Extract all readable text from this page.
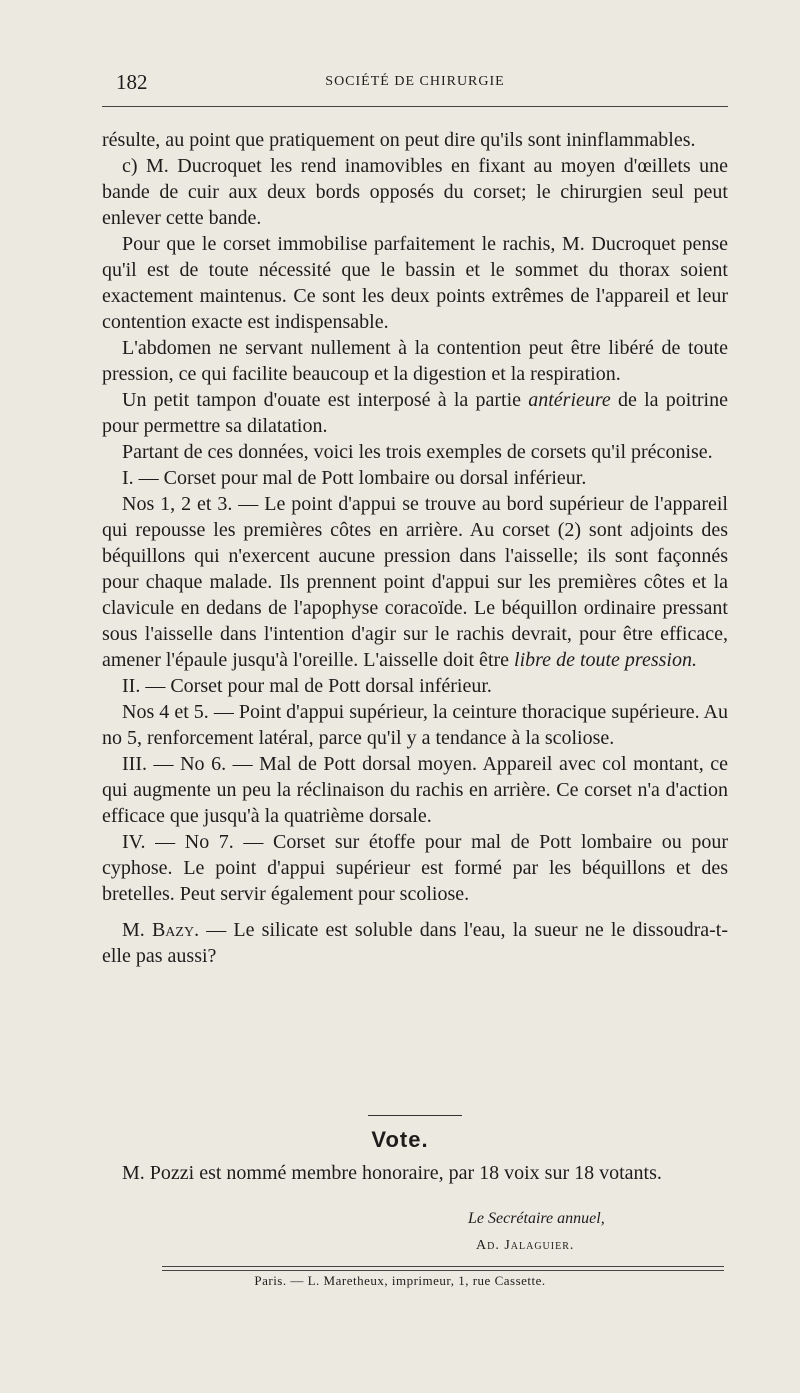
182	SOCIÉTÉ DE CHIRURGIE

résulte, au point que pratiquement on peut dire qu'ils sont ininflammables.

c) M. Ducroquet les rend inamovibles en fixant au moyen d'œillets une bande de cuir aux deux bords opposés du corset; le chirurgien seul peut enlever cette bande.

Pour que le corset immobilise parfaitement le rachis, M. Ducroquet pense qu'il est de toute nécessité que le bassin et le sommet du thorax soient exactement maintenus. Ce sont les deux points extrêmes de l'appareil et leur contention exacte est indispensable.

L'abdomen ne servant nullement à la contention peut être libéré de toute pression, ce qui facilite beaucoup et la digestion et la respiration.

Un petit tampon d'ouate est interposé à la partie antérieure de la poitrine pour permettre sa dilatation.

Partant de ces données, voici les trois exemples de corsets qu'il préconise.

I. — Corset pour mal de Pott lombaire ou dorsal inférieur.

Nos 1, 2 et 3. — Le point d'appui se trouve au bord supérieur de l'appareil qui repousse les premières côtes en arrière. Au corset (2) sont adjoints des béquillons qui n'exercent aucune pression dans l'aisselle; ils sont façonnés pour chaque malade. Ils prennent point d'appui sur les premières côtes et la clavicule en dedans de l'apophyse coracoïde. Le béquillon ordinaire pressant sous l'aisselle dans l'intention d'agir sur le rachis devrait, pour être efficace, amener l'épaule jusqu'à l'oreille. L'aisselle doit être libre de toute pression.

II. — Corset pour mal de Pott dorsal inférieur.

Nos 4 et 5. — Point d'appui supérieur, la ceinture thoracique supérieure. Au no 5, renforcement latéral, parce qu'il y a tendance à la scoliose.

III. — No 6. — Mal de Pott dorsal moyen. Appareil avec col montant, ce qui augmente un peu la réclinaison du rachis en arrière. Ce corset n'a d'action efficace que jusqu'à la quatrième dorsale.

IV. — No 7. — Corset sur étoffe pour mal de Pott lombaire ou pour cyphose. Le point d'appui supérieur est formé par les béquillons et des bretelles. Peut servir également pour scoliose.

M. Bazy. — Le silicate est soluble dans l'eau, la sueur ne le dissoudra-t-elle pas aussi?

Vote.

M. Pozzi est nommé membre honoraire, par 18 voix sur 18 votants.

Le Secrétaire annuel,
Ad. Jalaguier.
Paris. — L. Maretheux, imprimeur, 1, rue Cassette.
